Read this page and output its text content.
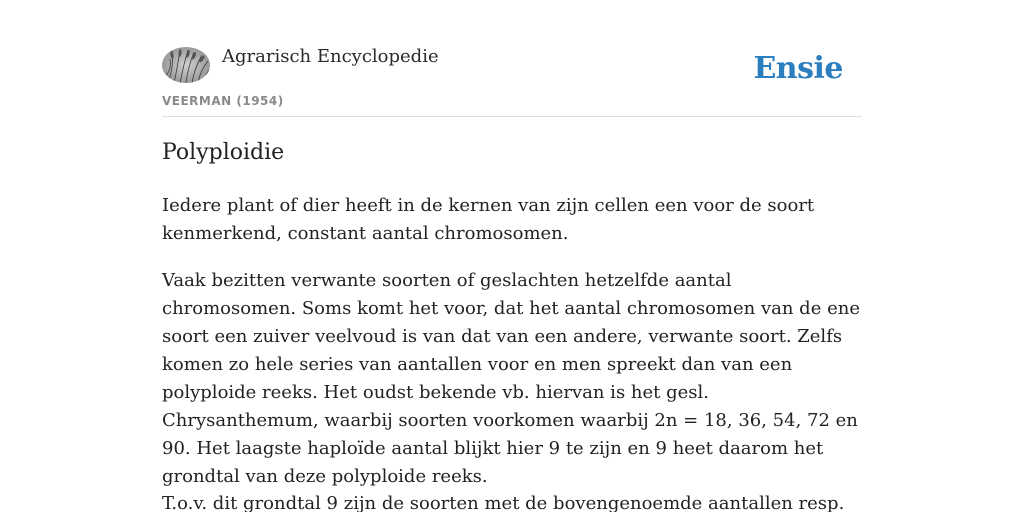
Agrarisch Encyclopedie
VEERMAN (1954)
Ensie
Polyploidie

Iedere plant of dier heeft in de kernen van zijn cellen een voor de soort kenmerkend, constant aantal chromosomen.

Vaak bezitten verwante soorten of geslachten hetzelfde aantal chromosomen. Soms komt het voor, dat het aantal chromosomen van de ene soort een zuiver veelvoud is van dat van een andere, verwante soort. Zelfs komen zo hele series van aantallen voor en men spreekt dan van een polyploide reeks. Het oudst bekende vb. hiervan is het gesl. Chrysanthemum, waarbij soorten voorkomen waarbij 2n = 18, 36, 54, 72 en 90. Het laagste haploïde aantal blijkt hier 9 te zijn en 9 heet daarom het grondtal van deze polyploide reeks.

T.o.v. dit grondtal 9 zijn de soorten met de bovengenoemde aantallen resp.
